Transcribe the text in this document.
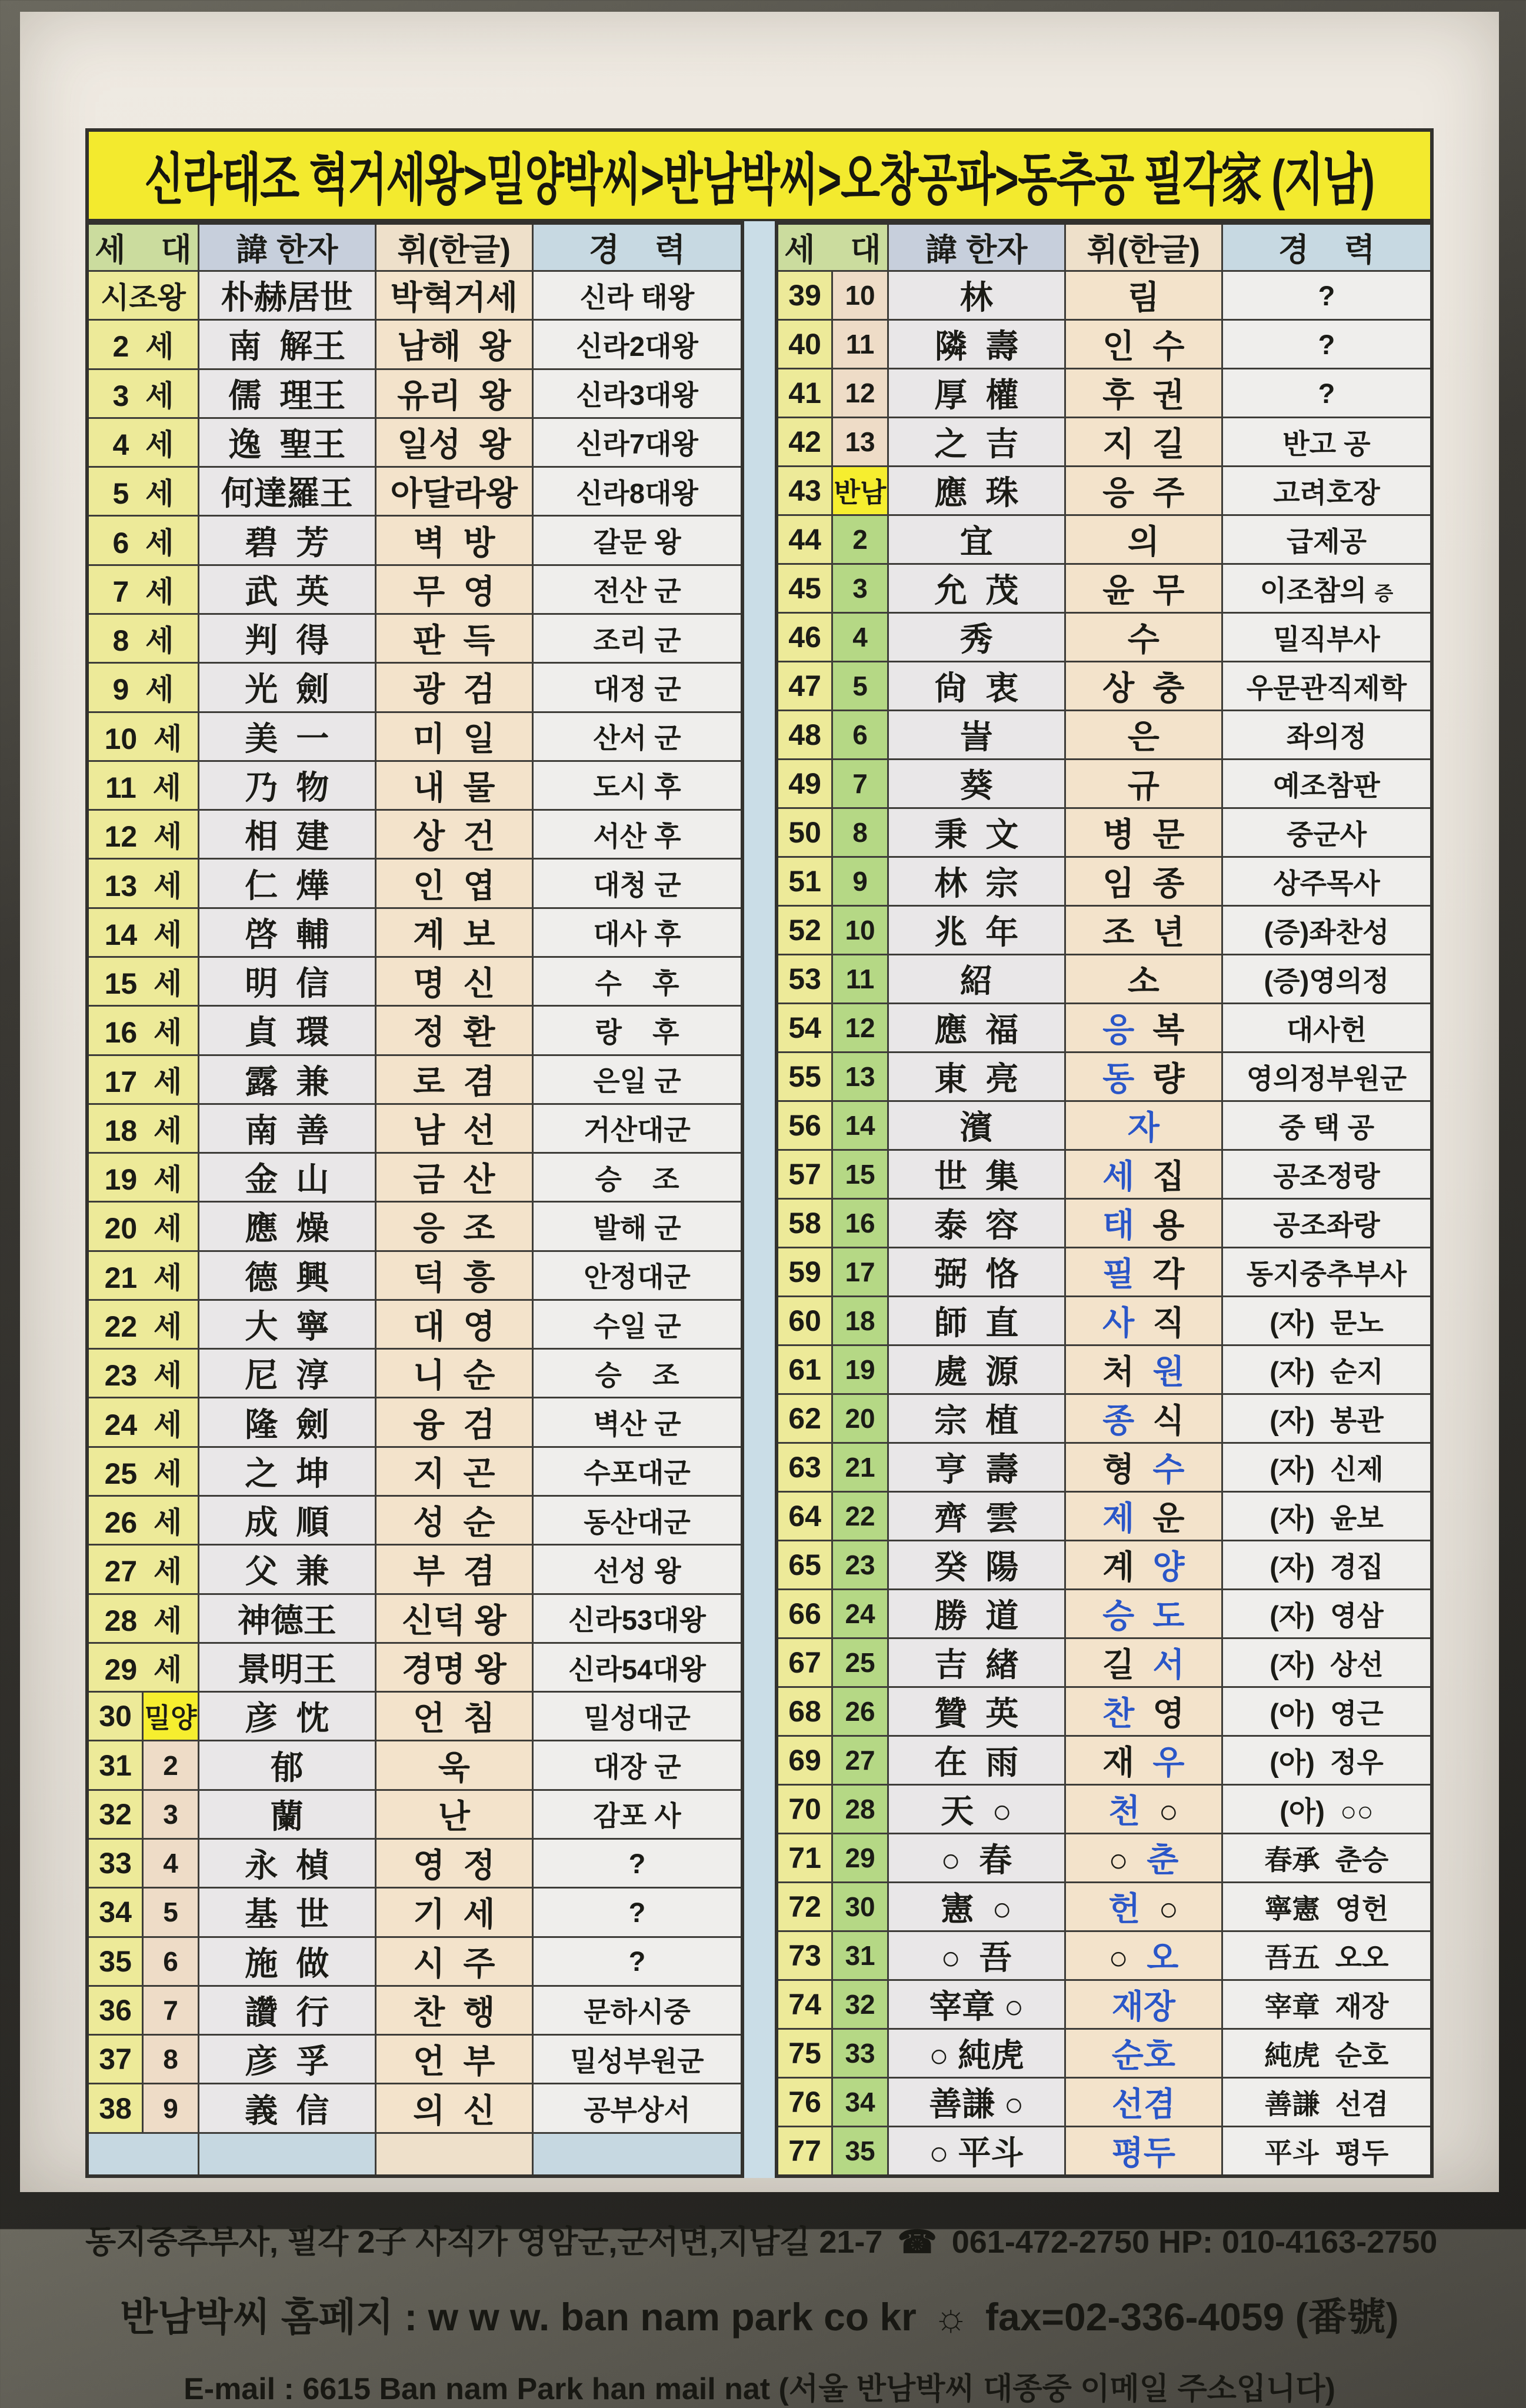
신라태조 혁거세왕>밀양박씨>반남박씨>오창공파>동추공 필각家 (지남)
세    대		諱 한자	휘(한글)	경    력
시조왕		朴赫居世	박혁거세	신라 태왕
2  세		南  解王	남해  왕	신라2대왕
3  세		儒  理王	유리  왕	신라3대왕
4  세		逸  聖王	일성  왕	신라7대왕
5  세		何達羅王	아달라왕	신라8대왕
6  세		碧  芳	벽  방	갈문 왕
7  세		武  英	무  영	전산 군
8  세		判  得	판  득	조리 군
9  세		光  劍	광  검	대정 군
10  세		美  一	미  일	산서 군
11  세		乃  物	내  물	도시 후
12  세		相  建	상  건	서산 후
13  세		仁  燁	인  엽	대청 군
14  세		啓  輔	계  보	대사 후
15  세		明  信	명  신	수    후
16  세		貞  環	정  환	랑    후
17  세		露  兼	로  겸	은일 군
18  세		南  善	남  선	거산대군
19  세		金  山	금  산	승    조
20  세		應  燥	응  조	발해 군
21  세		德  興	덕  흥	안정대군
22  세		大  寧	대  영	수일 군
23  세		尼  淳	니  순	승    조
24  세		隆  劍	융  검	벽산 군
25  세		之  坤	지  곤	수포대군
26  세		成  順	성  순	동산대군
27  세		父  兼	부  겸	선성 왕
28  세		神德王	신덕 왕	신라53대왕
29  세		景明王	경명 왕	신라54대왕
30	밀양	彦  忱	언  침	밀성대군
31	2	郁	욱	대장 군
32	3	蘭	난	감포 사
33	4	永  楨	영  정	?
34	5	基  世	기  세	?
35	6	施  做	시  주	?
36	7	讚  行	찬  행	문하시중
37	8	彦  孚	언  부	밀성부원군
38	9	義  信	의  신	공부상서

세    대		諱 한자	휘(한글)	경    력
39	10	林	림	?
40	11	隣  壽	인  수	?
41	12	厚  權	후  권	?
42	13	之  吉	지  길	반고 공
43	반남	應  珠	응  주	고려호장
44	2	宜	의	급제공
45	3	允  茂	윤  무	이조참의 증
46	4	秀	수	밀직부사
47	5	尙  衷	상  충	우문관직제학
48	6	訔	은	좌의정
49	7	葵	규	예조참판
50	8	秉  文	병  문	중군사
51	9	林  宗	임  종	상주목사
52	10	兆  年	조  년	(증)좌찬성
53	11	紹	소	(증)영의정
54	12	應  福	응  복	대사헌
55	13	東  亮	동  량	영의정부원군
56	14	濱	자	중 택 공
57	15	世  集	세  집	공조정랑
58	16	泰  容	태  용	공조좌랑
59	17	弼  恪	필  각	동지중추부사
60	18	師  直	사  직	(자)  문노
61	19	處  源	처  원	(자)  순지
62	20	宗  植	종  식	(자)  봉관
63	21	亨  壽	형  수	(자)  신제
64	22	齊  雲	제  운	(자)  윤보
65	23	癸  陽	계  양	(자)  경집
66	24	勝  道	승  도	(자)  영삼
67	25	吉  緖	길  서	(자)  상선
68	26	贊  英	찬  영	(아)  영근
69	27	在  雨	재  우	(아)  정우
70	28	天  ○	천  ○	(아)  ○○
71	29	○  春	○  춘	春承  춘승
72	30	憲  ○	헌  ○	寧憲  영헌
73	31	○  吾	○  오	吾五  오오
74	32	宰章 ○	재장	宰章  재장
75	33	○ 純虎	순호	純虎  순호
76	34	善謙 ○	선겸	善謙  선겸
77	35	○ 平斗	평두	平斗  평두
동지중추부사, 필각 2子 사직가 영암군,군서면,지남길 21-7 ☎ 061-472-2750 HP: 010-4163-2750
반남박씨 홈페지 : w w w. ban nam park co kr ☼ fax=02-336-4059 (番號)
E-mail : 6615 Ban nam Park han mail nat (서울 반남박씨 대종중 이메일 주소입니다)
